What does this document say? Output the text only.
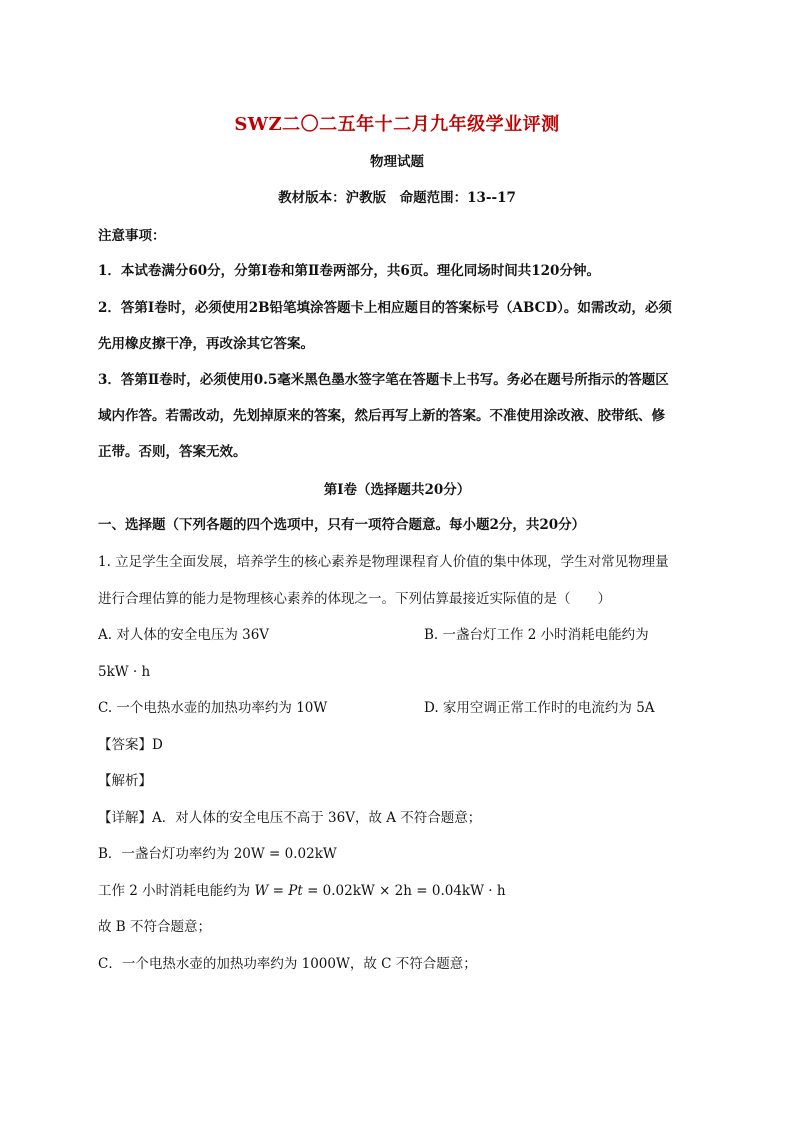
SWZ二〇二五年十二月九年级学业评测
物理试题
教材版本：沪教版　命题范围：13--17
注意事项：
1．本试卷满分60分，分第Ⅰ卷和第Ⅱ卷两部分，共6页。理化同场时间共120分钟。
2．答第Ⅰ卷时，必须使用2B铅笔填涂答题卡上相应题目的答案标号（ABCD）。如需改动，必须
先用橡皮擦干净，再改涂其它答案。
3．答第Ⅱ卷时，必须使用0.5毫米黑色墨水签字笔在答题卡上书写。务必在题号所指示的答题区
域内作答。若需改动，先划掉原来的答案，然后再写上新的答案。不准使用涂改液、胶带纸、修
正带。否则，答案无效。
第Ⅰ卷（选择题共20分）
一、选择题（下列各题的四个选项中，只有一项符合题意。每小题2分，共20分）
1. 立足学生全面发展，培养学生的核心素养是物理课程育人价值的集中体现，学生对常见物理量
进行合理估算的能力是物理核心素养的体现之一。下列估算最接近实际值的是（　　）
A. 对人体的安全电压为 36V	B. 一盏台灯工作 2 小时消耗电能约为
5kW · h
C. 一个电热水壶的加热功率约为 10W	D. 家用空调正常工作时的电流约为 5A
【答案】D
【解析】
【详解】A．对人体的安全电压不高于 36V，故 A 不符合题意；
B．一盏台灯功率约为 20W = 0.02kW
工作 2 小时消耗电能约为 W = Pt = 0.02kW × 2h = 0.04kW · h
故 B 不符合题意；
C．一个电热水壶的加热功率约为 1000W，故 C 不符合题意；
